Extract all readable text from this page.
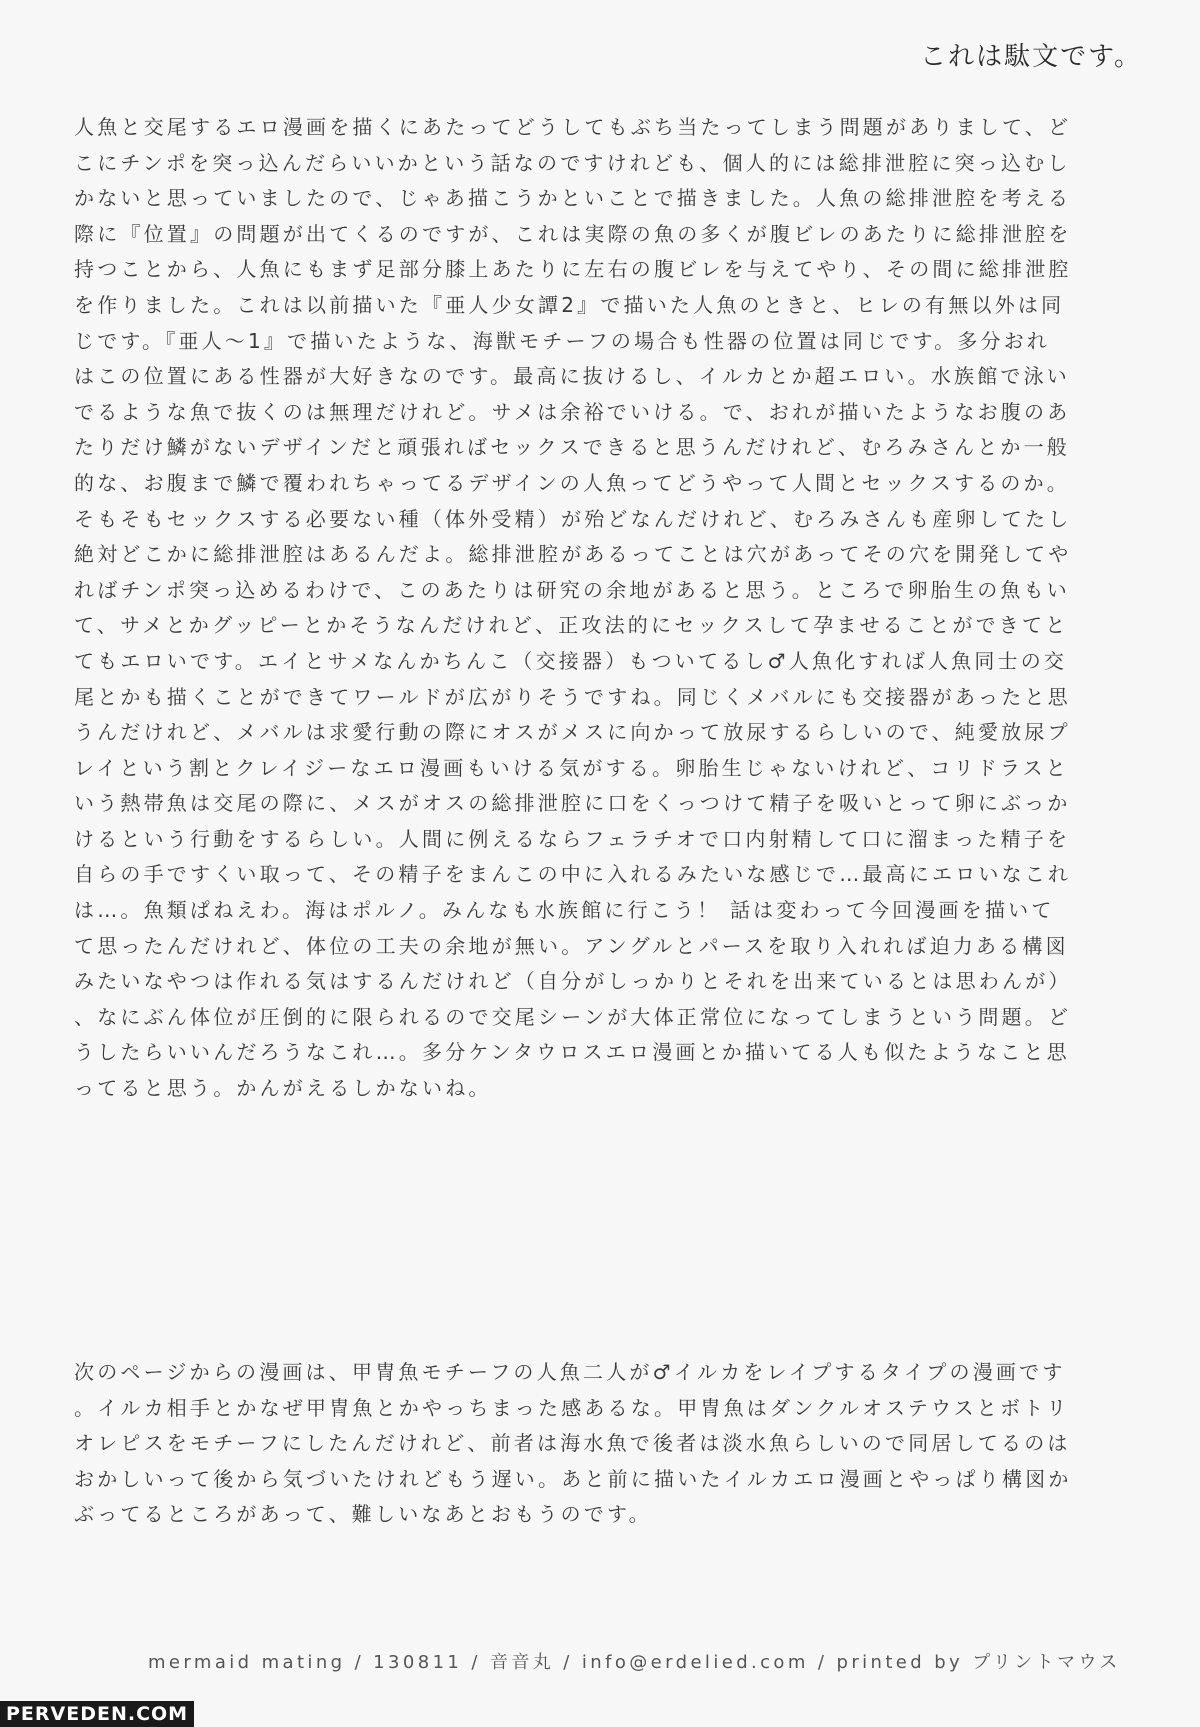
これは駄文です。
人魚と交尾するエロ漫画を描くにあたってどうしてもぶち当たってしまう問題がありまして、ど
こにチンポを突っ込んだらいいかという話なのですけれども、個人的には総排泄腔に突っ込むし
かないと思っていましたので、じゃあ描こうかといことで描きました。人魚の総排泄腔を考える
際に『位置』の問題が出てくるのですが、これは実際の魚の多くが腹ビレのあたりに総排泄腔を
持つことから、人魚にもまず足部分膝上あたりに左右の腹ビレを与えてやり、その間に総排泄腔
を作りました。これは以前描いた『亜人少女譚2』で描いた人魚のときと、ヒレの有無以外は同
じです。『亜人～1』で描いたような、海獣モチーフの場合も性器の位置は同じです。多分おれ
はこの位置にある性器が大好きなのです。最高に抜けるし、イルカとか超エロい。水族館で泳い
でるような魚で抜くのは無理だけれど。サメは余裕でいける。で、おれが描いたようなお腹のあ
たりだけ鱗がないデザインだと頑張ればセックスできると思うんだけれど、むろみさんとか一般
的な、お腹まで鱗で覆われちゃってるデザインの人魚ってどうやって人間とセックスするのか。
そもそもセックスする必要ない種（体外受精）が殆どなんだけれど、むろみさんも産卵してたし
絶対どこかに総排泄腔はあるんだよ。総排泄腔があるってことは穴があってその穴を開発してや
ればチンポ突っ込めるわけで、このあたりは研究の余地があると思う。ところで卵胎生の魚もい
て、サメとかグッピーとかそうなんだけれど、正攻法的にセックスして孕ませることができてと
てもエロいです。エイとサメなんかちんこ（交接器）もついてるし♂人魚化すれば人魚同士の交
尾とかも描くことができてワールドが広がりそうですね。同じくメバルにも交接器があったと思
うんだけれど、メバルは求愛行動の際にオスがメスに向かって放尿するらしいので、純愛放尿プ
レイという割とクレイジーなエロ漫画もいける気がする。卵胎生じゃないけれど、コリドラスと
いう熱帯魚は交尾の際に、メスがオスの総排泄腔に口をくっつけて精子を吸いとって卵にぶっか
けるという行動をするらしい。人間に例えるならフェラチオで口内射精して口に溜まった精子を
自らの手ですくい取って、その精子をまんこの中に入れるみたいな感じで…最高にエロいなこれ
は…。魚類ぱねえわ。海はポルノ。みんなも水族館に行こう！ 話は変わって今回漫画を描いて
て思ったんだけれど、体位の工夫の余地が無い。アングルとパースを取り入れれば迫力ある構図
みたいなやつは作れる気はするんだけれど（自分がしっかりとそれを出来ているとは思わんが）
、なにぶん体位が圧倒的に限られるので交尾シーンが大体正常位になってしまうという問題。ど
うしたらいいんだろうなこれ…。多分ケンタウロスエロ漫画とか描いてる人も似たようなこと思
ってると思う。かんがえるしかないね。
次のページからの漫画は、甲冑魚モチーフの人魚二人が♂イルカをレイプするタイプの漫画です
。イルカ相手とかなぜ甲冑魚とかやっちまった感あるな。甲冑魚はダンクルオステウスとボトリ
オレピスをモチーフにしたんだけれど、前者は海水魚で後者は淡水魚らしいので同居してるのは
おかしいって後から気づいたけれどもう遅い。あと前に描いたイルカエロ漫画とやっぱり構図か
ぶってるところがあって、難しいなあとおもうのです。
mermaid mating / 130811 / 音音丸 / info@erdelied.com / printed by プリントマウス
PERVEDEN.COM
